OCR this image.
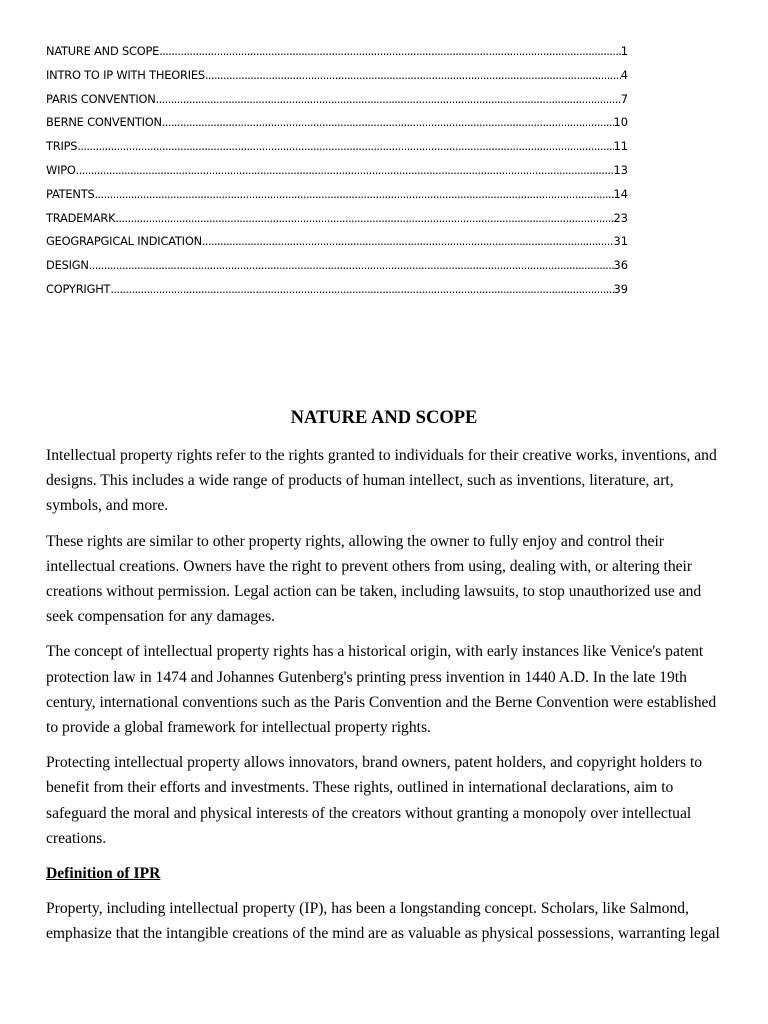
NATURE AND SCOPE .....	1
INTRO TO IP WITH THEORIES .....	4
PARIS CONVENTION .....	7
BERNE CONVENTION .....	10
TRIPS .....	11
WIPO .....	13
PATENTS .....	14
TRADEMARK .....	23
GEOGRAPGICAL INDICATION .....	31
DESIGN .....	36
COPYRIGHT .....	39
NATURE AND SCOPE

Intellectual property rights refer to the rights granted to individuals for their creative works, inventions, and designs. This includes a wide range of products of human intellect, such as inventions, literature, art, symbols, and more.

These rights are similar to other property rights, allowing the owner to fully enjoy and control their intellectual creations. Owners have the right to prevent others from using, dealing with, or altering their creations without permission. Legal action can be taken, including lawsuits, to stop unauthorized use and seek compensation for any damages.

The concept of intellectual property rights has a historical origin, with early instances like Venice's patent protection law in 1474 and Johannes Gutenberg's printing press invention in 1440 A.D. In the late 19th century, international conventions such as the Paris Convention and the Berne Convention were established to provide a global framework for intellectual property rights.

Protecting intellectual property allows innovators, brand owners, patent holders, and copyright holders to benefit from their efforts and investments. These rights, outlined in international declarations, aim to safeguard the moral and physical interests of the creators without granting a monopoly over intellectual creations.

Definition of IPR

Property, including intellectual property (IP), has been a longstanding concept. Scholars, like Salmond, emphasize that the intangible creations of the mind are as valuable as physical possessions, warranting legal
